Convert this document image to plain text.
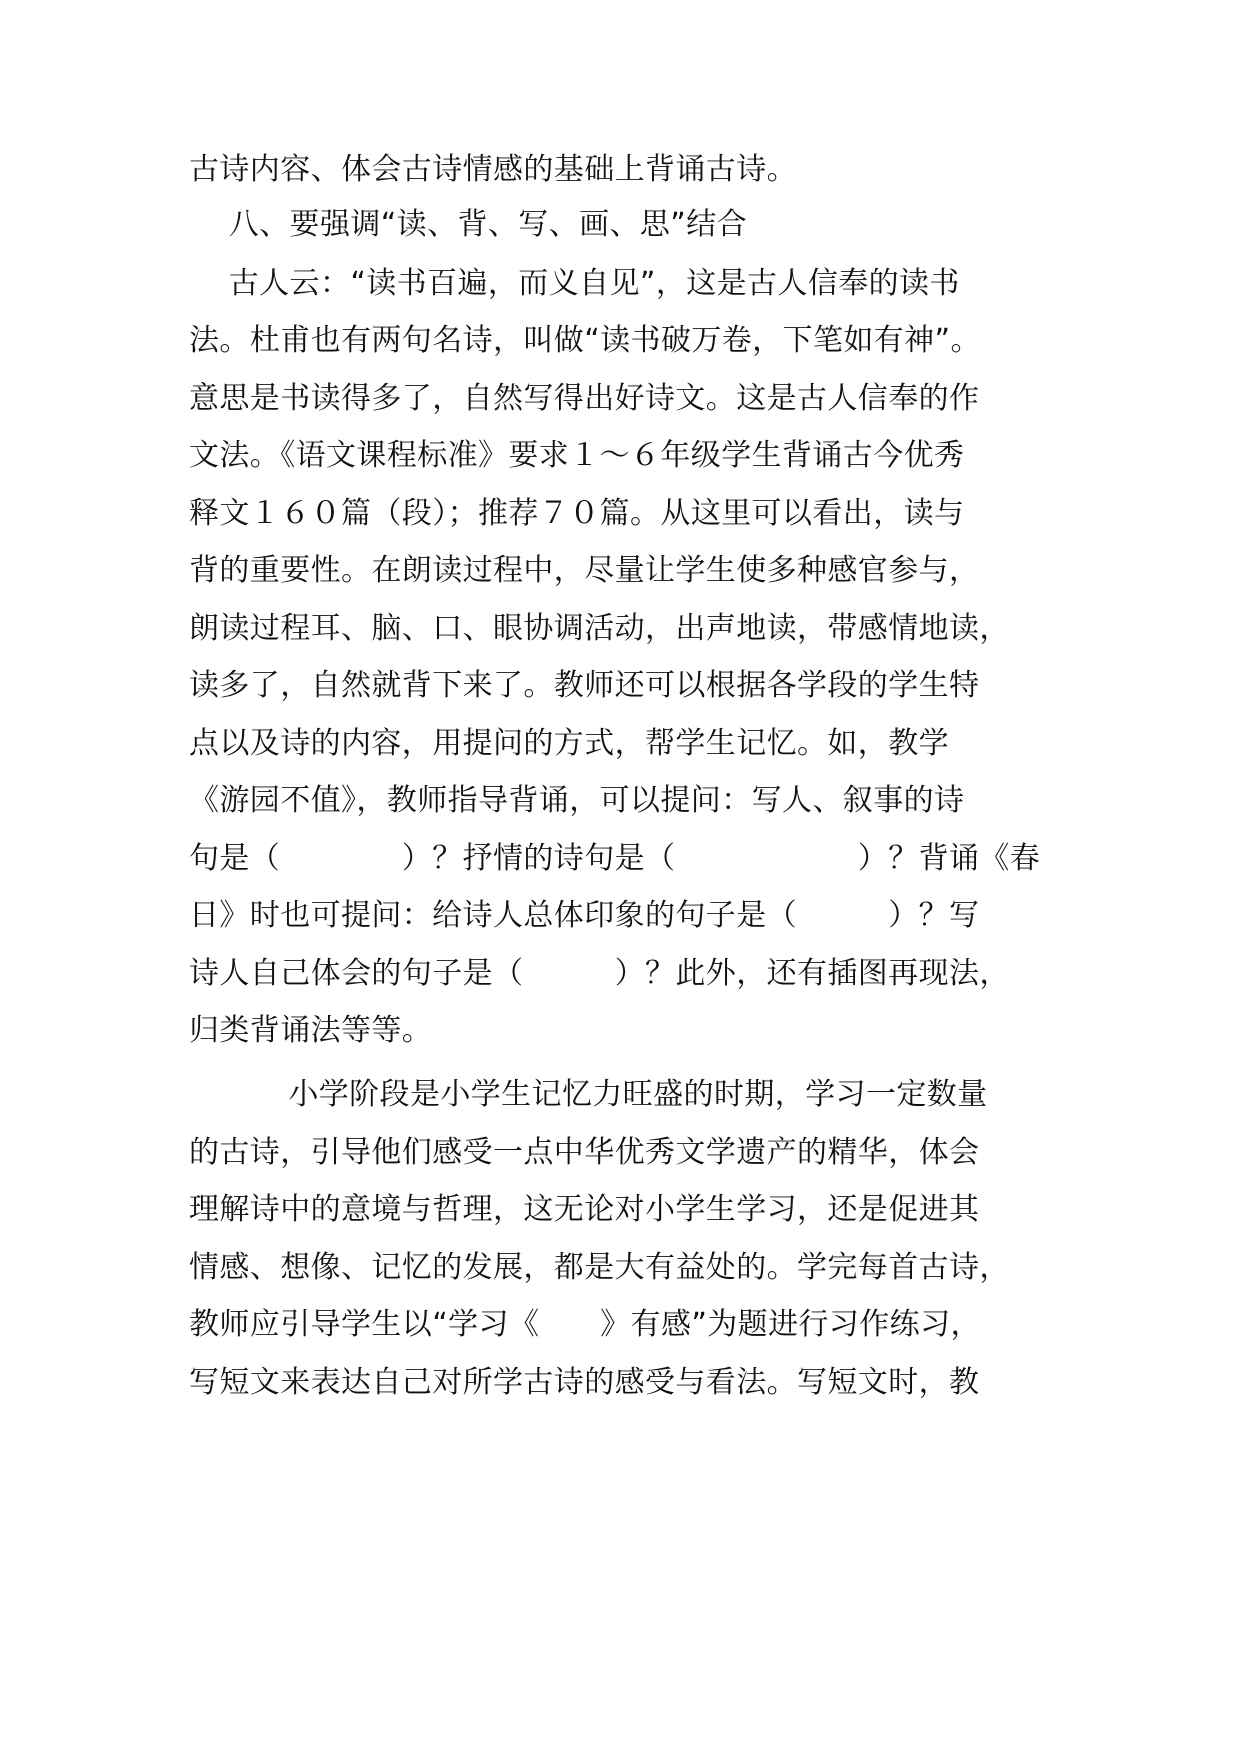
古诗内容、体会古诗情感的基础上背诵古诗。
八、要强调“读、背、写、画、思”结合
古人云：“读书百遍，而义自见”，这是古人信奉的读书
法。杜甫也有两句名诗，叫做“读书破万卷，下笔如有神”。
意思是书读得多了，自然写得出好诗文。这是古人信奉的作
文法。《语文课程标准》要求１～６年级学生背诵古今优秀
释文１６０篇（段）；推荐７０篇。从这里可以看出，读与
背的重要性。在朗读过程中，尽量让学生使多种感官参与，
朗读过程耳、脑、口、眼协调活动，出声地读，带感情地读，
读多了，自然就背下来了。教师还可以根据各学段的学生特
点以及诗的内容，用提问的方式，帮学生记忆。如，教学
《游园不值》，教师指导背诵，可以提问：写人、叙事的诗
句是（　　　　）？抒情的诗句是（　　　　　　）？背诵《春
日》时也可提问：给诗人总体印象的句子是（　　　）？写
诗人自己体会的句子是（　　　）？此外，还有插图再现法，
归类背诵法等等。
小学阶段是小学生记忆力旺盛的时期，学习一定数量
的古诗，引导他们感受一点中华优秀文学遗产的精华，体会
理解诗中的意境与哲理，这无论对小学生学习，还是促进其
情感、想像、记忆的发展，都是大有益处的。学完每首古诗，
教师应引导学生以“学习《　　》有感”为题进行习作练习，
写短文来表达自己对所学古诗的感受与看法。写短文时，教
